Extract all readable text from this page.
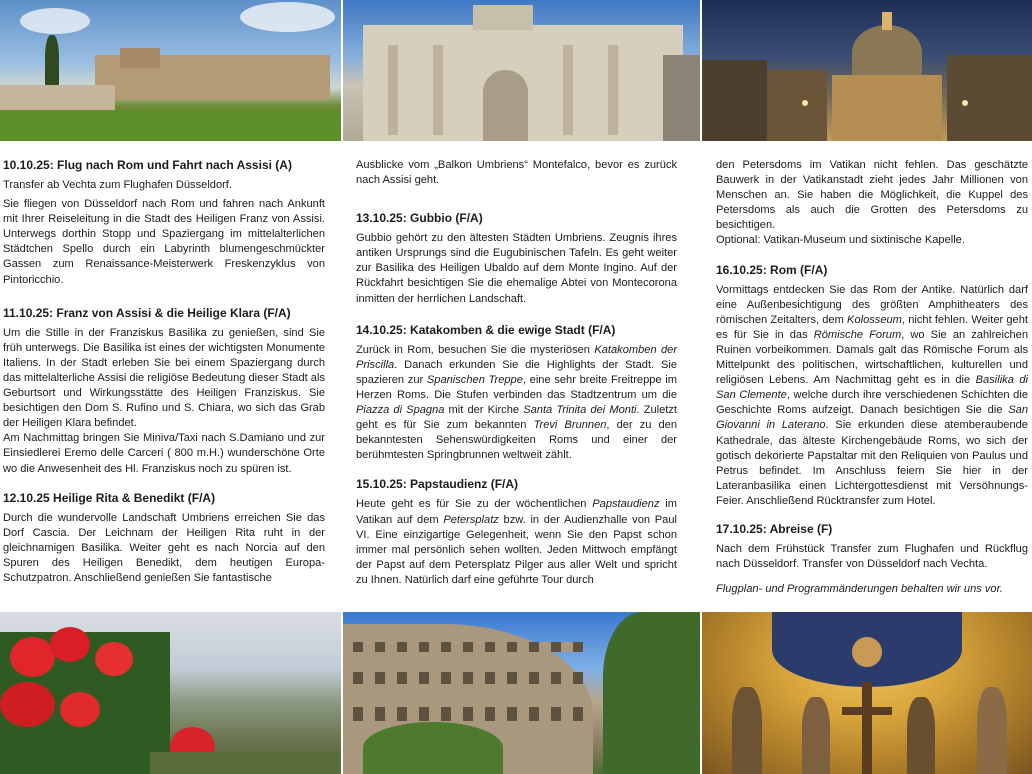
10.10.25: Flug nach Rom und Fahrt nach Assisi (A)

Transfer ab Vechta zum Flughafen Düsseldorf.

Sie fliegen von Düsseldorf nach Rom und fahren nach Ankunft mit Ihrer Reiseleitung in die Stadt des Heiligen Franz von Assisi. Unterwegs dorthin Stopp und Spaziergang im mittelalterlichen Städtchen Spello durch ein Labyrinth blumengeschmückter Gassen zum Renaissance-Meisterwerk Freskenzyklus von Pintoricchio.

11.10.25: Franz von Assisi & die Heilige Klara (F/A)

Um die Stille in der Franziskus Basilika zu genießen, sind Sie früh unterwegs. Die Basilika ist eines der wichtigsten Monumente Italiens. In der Stadt erleben Sie bei einem Spaziergang durch das mittelalterliche Assisi die religiöse Bedeutung dieser Stadt als Geburtsort und Wirkungsstätte des Heiligen Franziskus. Sie besichtigen den Dom S. Rufino und S. Chiara, wo sich das Grab der Heiligen Klara befindet.

Am Nachmittag bringen Sie Miniva/Taxi nach S.Damiano und zur Einsiedlerei Eremo delle Carceri ( 800 m.H.) wunderschöne Orte wo die Anwesenheit des Hl. Franziskus noch zu spüren ist.

12.10.25 Heilige Rita & Benedikt (F/A)

Durch die wundervolle Landschaft Umbriens erreichen Sie das Dorf Cascia. Der Leichnam der Heiligen Rita ruht in der gleichnamigen Basilika. Weiter geht es nach Norcia auf den Spuren des Heiligen Benedikt, dem heutigen Europa-Schutzpatron. Anschließend genießen Sie fantastische

Ausblicke vom „Balkon Umbriens“ Montefalco, bevor es zurück nach Assisi geht.

13.10.25: Gubbio (F/A)

Gubbio gehört zu den ältesten Städten Umbriens. Zeugnis ihres antiken Ursprungs sind die Eugubinischen Tafeln. Es geht weiter zur Basilika des Heiligen Ubaldo auf dem Monte Ingino. Auf der Rückfahrt besichtigen Sie die ehemalige Abtei von Montecorona inmitten der herrlichen Landschaft.

14.10.25: Katakomben & die ewige Stadt (F/A)

Zurück in Rom, besuchen Sie die mysteriösen Katakomben der Priscilla. Danach erkunden Sie die Highlights der Stadt. Sie spazieren zur Spanischen Treppe, eine sehr breite Freitreppe im Herzen Roms. Die Stufen verbinden das Stadtzentrum um die Piazza di Spagna mit der Kirche Santa Trinita dei Monti. Zuletzt geht es für Sie zum bekannten Trevi Brunnen, der zu den bekanntesten Sehenswürdigkeiten Roms und einer der berühmtesten Springbrunnen weltweit zählt.

15.10.25: Papstaudienz (F/A)

Heute geht es für Sie zu der wöchentlichen Papstaudienz im Vatikan auf dem Petersplatz bzw. in der Audienzhalle von Paul VI. Eine einzigartige Gelegenheit, wenn Sie den Papst schon immer mal persönlich sehen wollten. Jeden Mittwoch empfängt der Papst auf dem Petersplatz Pilger aus aller Welt und spricht zu Ihnen. Natürlich darf eine geführte Tour durch

den Petersdoms im Vatikan nicht fehlen. Das geschätzte Bauwerk in der Vatikanstadt zieht jedes Jahr Millionen von Menschen an. Sie haben die Möglichkeit, die Kuppel des Petersdoms als auch die Grotten des Petersdoms zu besichtigen.

Optional: Vatikan-Museum und sixtinische Kapelle.

16.10.25: Rom (F/A)

Vormittags entdecken Sie das Rom der Antike. Natürlich darf eine Außenbesichtigung des größten Amphitheaters des römischen Zeitalters, dem Kolosseum, nicht fehlen. Weiter geht es für Sie in das Römische Forum, wo Sie an zahlreichen Ruinen vorbeikommen. Damals galt das Römische Forum als Mittelpunkt des politischen, wirtschaftlichen, kulturellen und religiösen Lebens. Am Nachmittag geht es in die Basilika di San Clemente, welche durch ihre verschiedenen Schichten die Geschichte Roms aufzeigt. Danach besichtigen Sie die San Giovanni in Laterano. Sie erkunden diese atemberaubende Kathedrale, das älteste Kirchengebäude Roms, wo sich der gotisch dekorierte Papstaltar mit den Reliquien von Paulus und Petrus befindet. Im Anschluss feiern Sie hier in der Lateranbasilika einen Lichtergottesdienst mit Versöhnungs-Feier. Anschließend Rücktransfer zum Hotel.

17.10.25: Abreise (F)

Nach dem Frühstück Transfer zum Flughafen und Rückflug nach Düsseldorf. Transfer von Düsseldorf nach Vechta.

Flugplan- und Programmänderungen behalten wir uns vor.
